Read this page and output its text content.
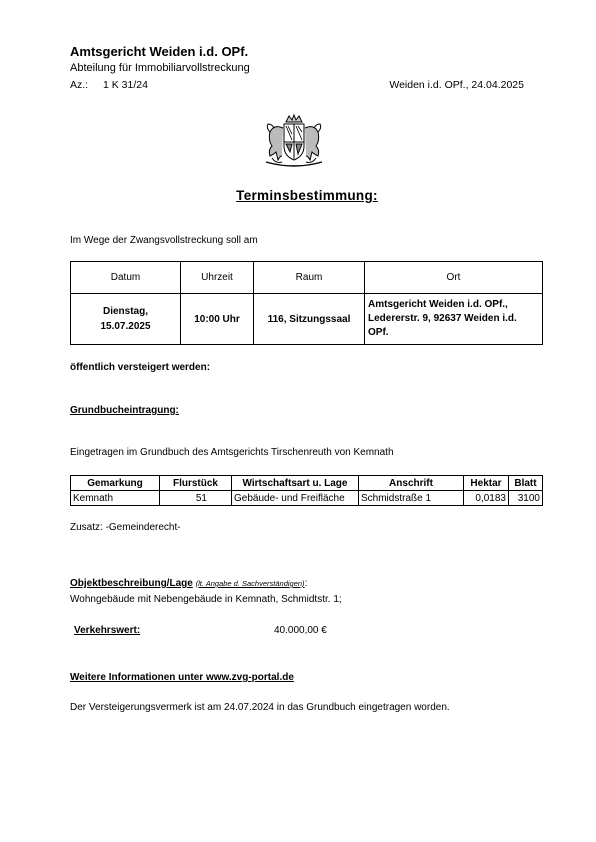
Amtsgericht Weiden i.d. OPf.
Abteilung für Immobiliarvollstreckung
Az.: 1 K 31/24	Weiden i.d. OPf., 24.04.2025
Terminsbestimmung:
Im Wege der Zwangsvollstreckung soll am
Datum	Uhrzeit	Raum	Ort

Dienstag,
15.07.2025	10:00 Uhr	116, Sitzungssaal	Amtsgericht Weiden i.d. OPf., Ledererstr. 9, 92637 Weiden i.d. OPf.
öffentlich versteigert werden:
Grundbucheintragung:
Eingetragen im Grundbuch des Amtsgerichts Tirschenreuth von Kemnath
Gemarkung	Flurstück	Wirtschaftsart u. Lage	Anschrift	Hektar	Blatt
Kemnath	51	Gebäude- und Freifläche	Schmidstraße 1	0,0183	3100
Zusatz: -Gemeinderecht-
Objektbeschreibung/Lage (lt. Angabe d. Sachverständigen):
Wohngebäude mit Nebengebäude in Kemnath, Schmidtstr. 1;
Verkehrswert:	40.000,00 €
Weitere Informationen unter www.zvg-portal.de
Der Versteigerungsvermerk ist am 24.07.2024 in das Grundbuch eingetragen worden.
